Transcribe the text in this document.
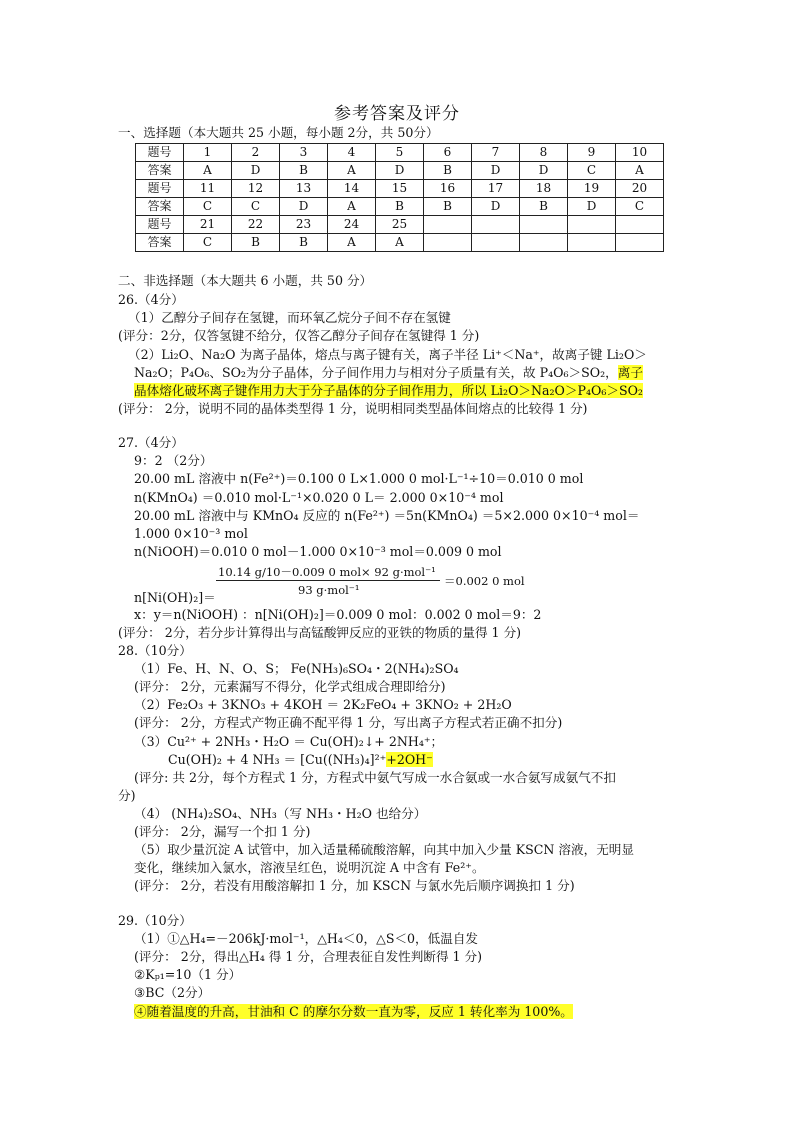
参考答案及评分
一、选择题（本大题共 25 小题，每小题 2分，共 50分）
题号	1	2	3	4	5	6	7	8	9	10
答案	A	D	B	A	D	B	D	D	C	A
题号	11	12	13	14	15	16	17	18	19	20
答案	C	C	D	A	B	B	D	B	D	C
题号	21	22	23	24	25					
答案	C	B	B	A	A					
二、非选择题（本大题共 6 小题，共 50 分）
26.（4分）
（1）乙醇分子间存在氢键，而环氧乙烷分子间不存在氢键
(评分：2分，仅答氢键不给分，仅答乙醇分子间存在氢键得 1 分)
（2）Li₂O、Na₂O 为离子晶体，熔点与离子键有关，离子半径 Li⁺＜Na⁺，故离子键 Li₂O＞
Na₂O；P₄O₆、SO₂为分子晶体，分子间作用力与相对分子质量有关，故 P₄O₆＞SO₂，离子
晶体熔化破坏离子键作用力大于分子晶体的分子间作用力，所以 Li₂O＞Na₂O＞P₄O₆＞SO₂
(评分： 2分，说明不同的晶体类型得 1 分，说明相同类型晶体间熔点的比较得 1 分)
27.（4分）
9：2 （2分）
20.00 mL 溶液中 n(Fe²⁺)＝0.100 0 L×1.000 0 mol·L⁻¹÷10＝0.010 0 mol
n(KMnO₄) ＝0.010 mol·L⁻¹×0.020 0 L＝ 2.000 0×10⁻⁴ mol
20.00 mL 溶液中与 KMnO₄ 反应的 n(Fe²⁺) ＝5n(KMnO₄) ＝5×2.000 0×10⁻⁴ mol＝
1.000 0×10⁻³ mol
n(NiOOH)＝0.010 0 mol－1.000 0×10⁻³ mol＝0.009 0 mol
10.14 g/10－0.009 0 mol× 92 g·mol⁻¹
93 g·mol⁻¹
＝0.002 0 mol
n[Ni(OH)₂]＝
x：y＝n(NiOOH) ：n[Ni(OH)₂]＝0.009 0 mol：0.002 0 mol＝9：2
(评分： 2分，若分步计算得出与高锰酸钾反应的亚铁的物质的量得 1 分)
28.（10分）
（1）Fe、H、N、O、S； Fe(NH₃)₆SO₄・2(NH₄)₂SO₄
(评分： 2分，元素漏写不得分，化学式组成合理即给分)
（2）Fe₂O₃ + 3KNO₃ + 4KOH ＝ 2K₂FeO₄ + 3KNO₂ + 2H₂O
(评分： 2分，方程式产物正确不配平得 1 分，写出离子方程式若正确不扣分)
（3）Cu²⁺ + 2NH₃・H₂O ＝ Cu(OH)₂↓+ 2NH₄⁺；
Cu(OH)₂ + 4 NH₃ ＝ [Cu((NH₃)₄]²⁺+2OH⁻
(评分: 共 2分，每个方程式 1 分，方程式中氨气写成一水合氨或一水合氨写成氨气不扣
分)
（4） (NH₄)₂SO₄、NH₃（写 NH₃・H₂O 也给分）
(评分： 2分，漏写一个扣 1 分)
（5）取少量沉淀 A 试管中，加入适量稀硫酸溶解，向其中加入少量 KSCN 溶液，无明显
变化，继续加入氯水，溶液呈红色，说明沉淀 A 中含有 Fe²⁺。
(评分： 2分，若没有用酸溶解扣 1 分，加 KSCN 与氯水先后顺序调换扣 1 分)
29.（10分）
（1）①△H₄=－206kJ·mol⁻¹，△H₄＜0，△S＜0，低温自发
(评分： 2分，得出△H₄ 得 1 分，合理表征自发性判断得 1 分)
②Kₚ₁=10（1 分）
③BC（2分）
④随着温度的升高，甘油和 C 的摩尔分数一直为零，反应 1 转化率为 100%。
